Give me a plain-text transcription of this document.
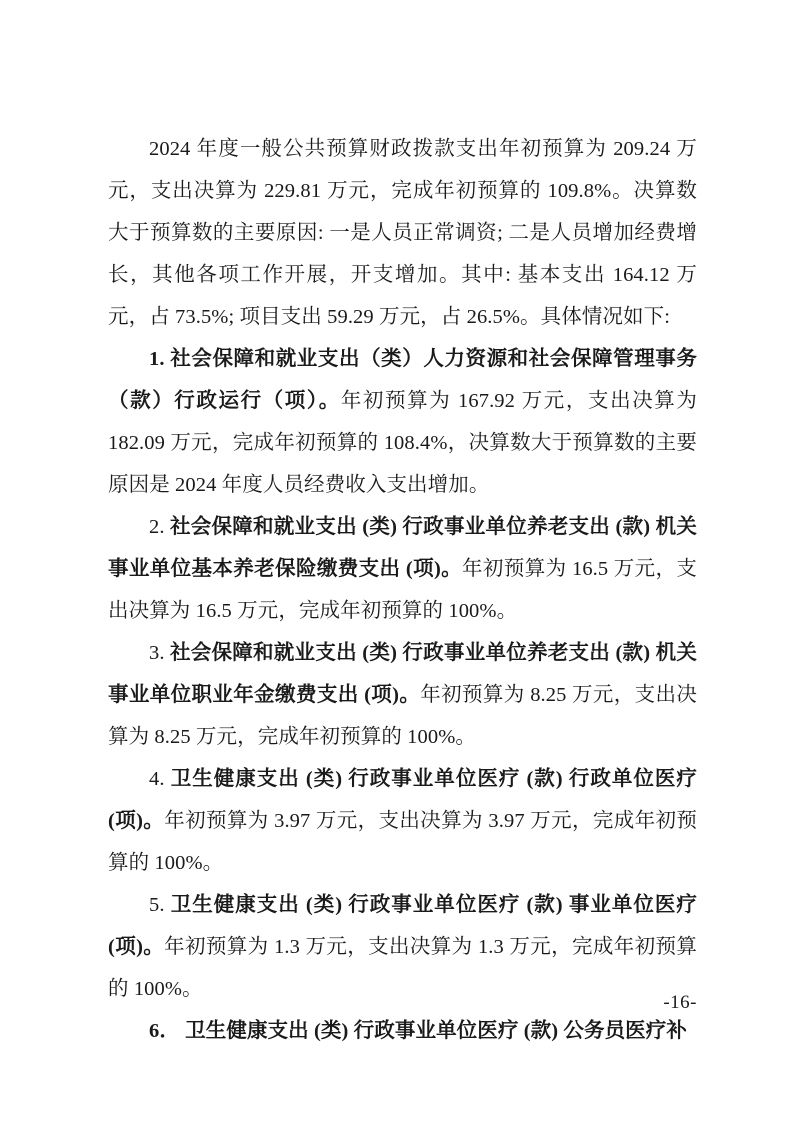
2024 年度一般公共预算财政拨款支出年初预算为 209.24 万元，支出决算为 229.81 万元，完成年初预算的 109.8%。决算数大于预算数的主要原因: 一是人员正常调资; 二是人员增加经费增长，其他各项工作开展，开支增加。其中: 基本支出 164.12 万元，占 73.5%; 项目支出 59.29 万元，占 26.5%。具体情况如下:

1. 社会保障和就业支出（类）人力资源和社会保障管理事务（款）行政运行（项）。年初预算为 167.92 万元，支出决算为 182.09 万元，完成年初预算的 108.4%，决算数大于预算数的主要原因是 2024 年度人员经费收入支出增加。

2. 社会保障和就业支出 (类) 行政事业单位养老支出 (款) 机关事业单位基本养老保险缴费支出 (项)。年初预算为 16.5 万元，支出决算为 16.5 万元，完成年初预算的 100%。

3. 社会保障和就业支出 (类) 行政事业单位养老支出 (款) 机关事业单位职业年金缴费支出 (项)。年初预算为 8.25 万元，支出决算为 8.25 万元，完成年初预算的 100%。

4. 卫生健康支出 (类) 行政事业单位医疗 (款) 行政单位医疗 (项)。年初预算为 3.97 万元，支出决算为 3.97 万元，完成年初预算的 100%。

5. 卫生健康支出 (类) 行政事业单位医疗 (款) 事业单位医疗 (项)。年初预算为 1.3 万元，支出决算为 1.3 万元，完成年初预算的 100%。

6． 卫生健康支出 (类) 行政事业单位医疗 (款) 公务员医疗补

-16-
